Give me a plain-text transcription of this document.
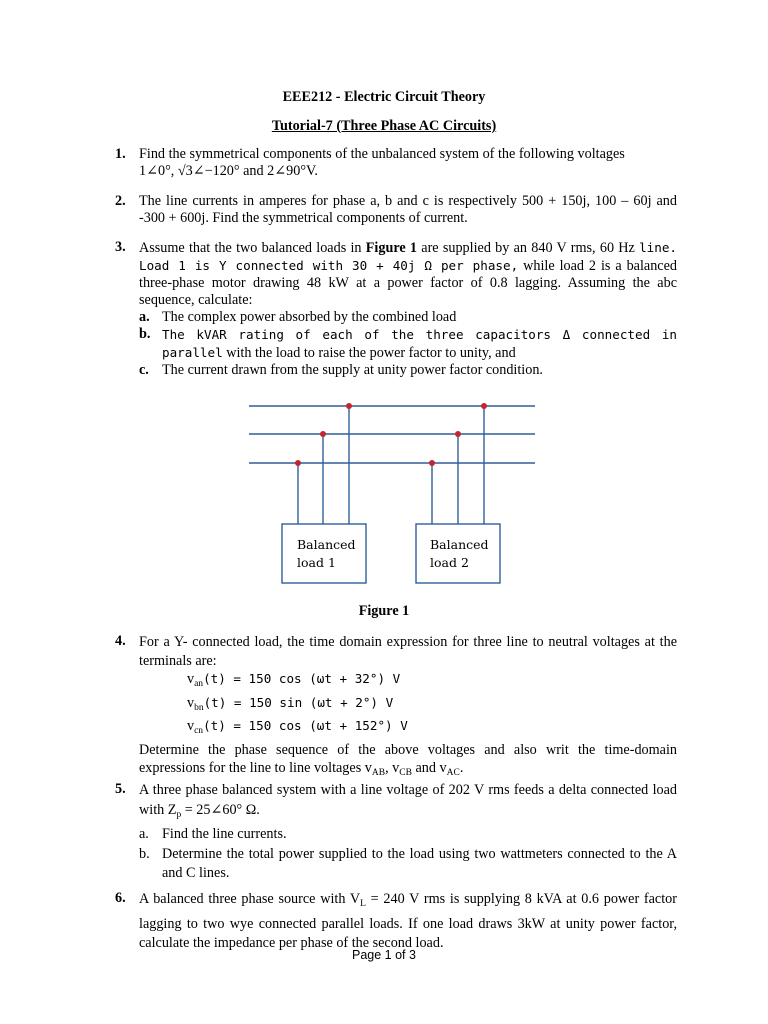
EEE212 - Electric Circuit Theory
Tutorial-7 (Three Phase AC Circuits)
1. Find the symmetrical components of the unbalanced system of the following voltages
1∠0°, √3∠−120° and 2∠90°V.
2. The line currents in amperes for phase a, b and c is respectively 500 + 150j, 100 – 60j and -300 + 600j. Find the symmetrical components of current.
3. Assume that the two balanced loads in Figure 1 are supplied by an 840 V rms, 60 Hz line. Load 1 is Y connected with 30 + 40j Ω per phase, while load 2 is a balanced three-phase motor drawing 48 kW at a power factor of 0.8 lagging. Assuming the abc sequence, calculate:
a. The complex power absorbed by the combined load
b. The kVAR rating of each of the three capacitors Δ connected in parallel with the load to raise the power factor to unity, and
c. The current drawn from the supply at unity power factor condition.
Balanced
load 1
Balanced
load 2
Figure 1
4. For a Y- connected load, the time domain expression for three line to neutral voltages at the terminals are:
$v_{an}(t) = 150$ cos (ωt + 32°) V
$v_{bn}(t) = 150$ sin (ωt + 2°) V
$v_{cn}(t) = 150$ cos (ωt + 152°) V
Determine the phase sequence of the above voltages and also writ the time-domain expressions for the line to line voltages $v_{AB}$, $v_{CB}$ and $v_{AC}$.
5. A three phase balanced system with a line voltage of 202 V rms feeds a delta connected load with $Z_p$ = 25∠60° Ω.
a. Find the line currents.
b. Determine the total power supplied to the load using two wattmeters connected to the A and C lines.
6. A balanced three phase source with $V_L = 240$ V rms is supplying 8 kVA at 0.6 power factor lagging to two wye connected parallel loads. If one load draws 3kW at unity power factor, calculate the impedance per phase of the second load.
Page 1 of 3
